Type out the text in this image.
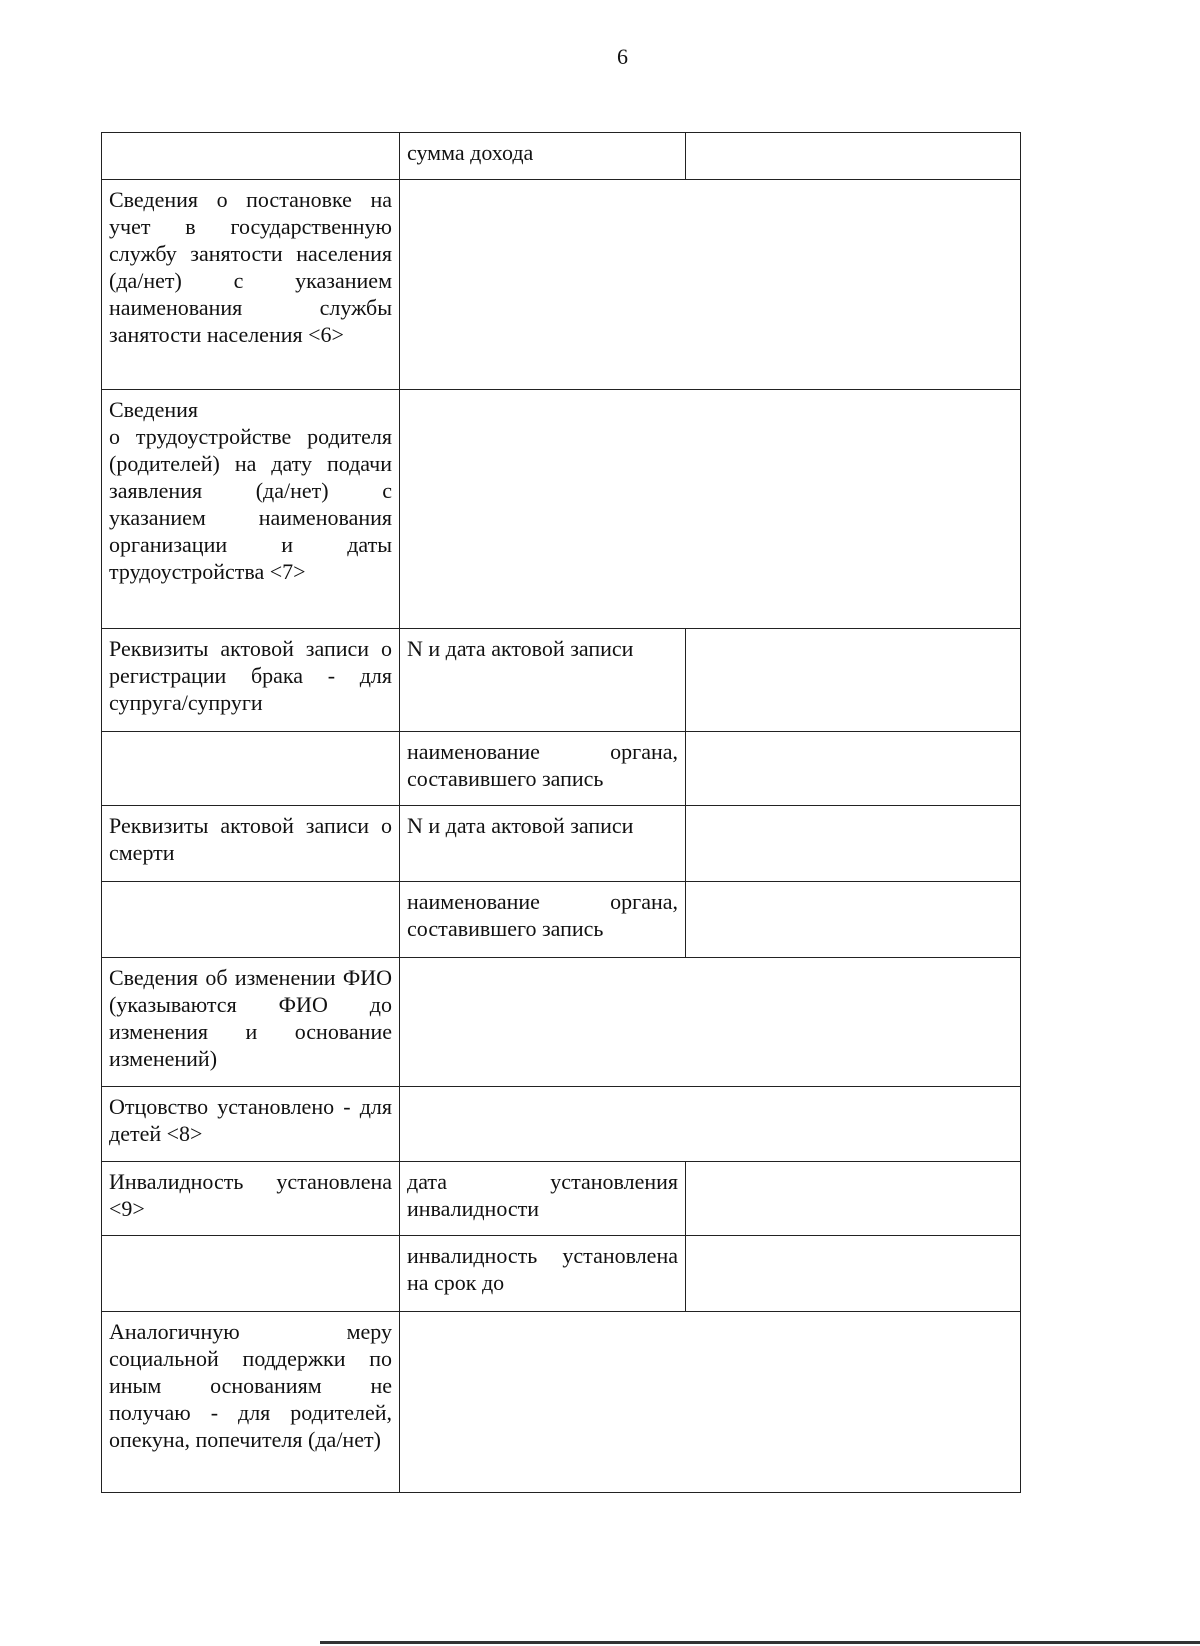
6
	сумма дохода	
Сведения о постановке на учет в государственную службу занятости населения (да/нет) с указанием наименования службы занятости населения <6>		

Сведения
о трудоустройстве родителя (родителей) на дату подачи заявления (да/нет) с указанием наименования организации и даты трудоустройства <7>		
Реквизиты актовой записи о регистрации брака - для супруга/супруги	N и дата актовой записи	
	наименование органа, составившего запись	
Реквизиты актовой записи о смерти	N и дата актовой записи	
	наименование органа, составившего запись	
Сведения об изменении ФИО (указываются ФИО до изменения и основание изменений)		
Отцовство установлено - для детей <8>		
Инвалидность установлена <9>	дата установления инвалидности	
	инвалидность установлена на срок до	
Аналогичную меру социальной поддержки по иным основаниям не получаю - для родителей, опекуна, попечителя (да/нет)		
